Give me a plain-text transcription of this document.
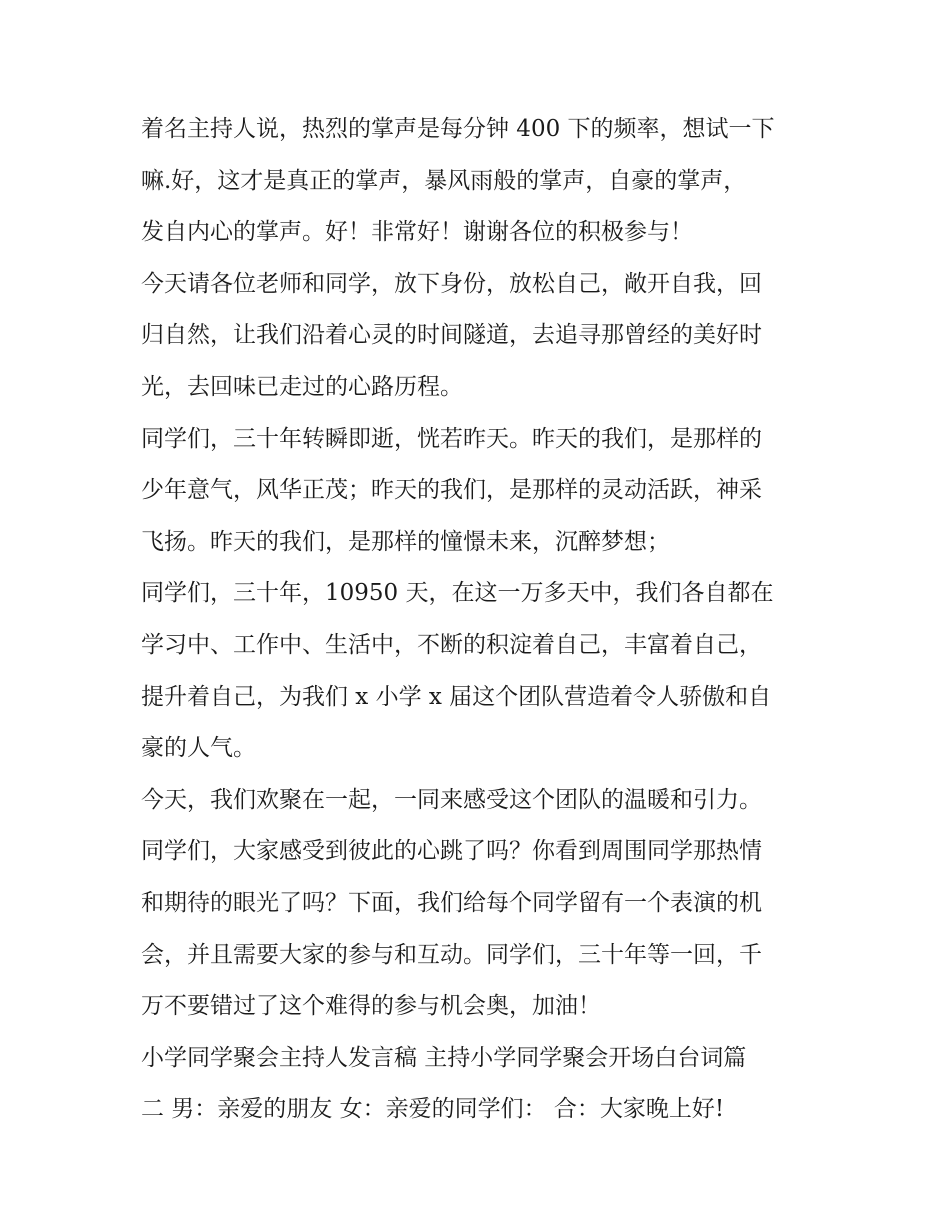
着名主持人说，热烈的掌声是每分钟 400 下的频率，想试一下
嘛.好，这才是真正的掌声，暴风雨般的掌声，自豪的掌声，
发自内心的掌声。好！非常好！谢谢各位的积极参与！

今天请各位老师和同学，放下身份，放松自己，敞开自我，回
归自然，让我们沿着心灵的时间隧道，去追寻那曾经的美好时
光，去回味已走过的心路历程。

同学们，三十年转瞬即逝，恍若昨天。昨天的我们，是那样的
少年意气，风华正茂；昨天的我们，是那样的灵动活跃，神采
飞扬。昨天的我们，是那样的憧憬未来，沉醉梦想；

同学们，三十年，10950 天，在这一万多天中，我们各自都在
学习中、工作中、生活中，不断的积淀着自己，丰富着自己，
提升着自己，为我们 x 小学 x 届这个团队营造着令人骄傲和自
豪的人气。

今天，我们欢聚在一起，一同来感受这个团队的温暖和引力。

同学们，大家感受到彼此的心跳了吗？你看到周围同学那热情
和期待的眼光了吗？下面，我们给每个同学留有一个表演的机
会，并且需要大家的参与和互动。同学们，三十年等一回，千
万不要错过了这个难得的参与机会奥，加油！

小学同学聚会主持人发言稿 主持小学同学聚会开场白台词篇
二 男：亲爱的朋友 女：亲爱的同学们： 合：大家晚上好!
